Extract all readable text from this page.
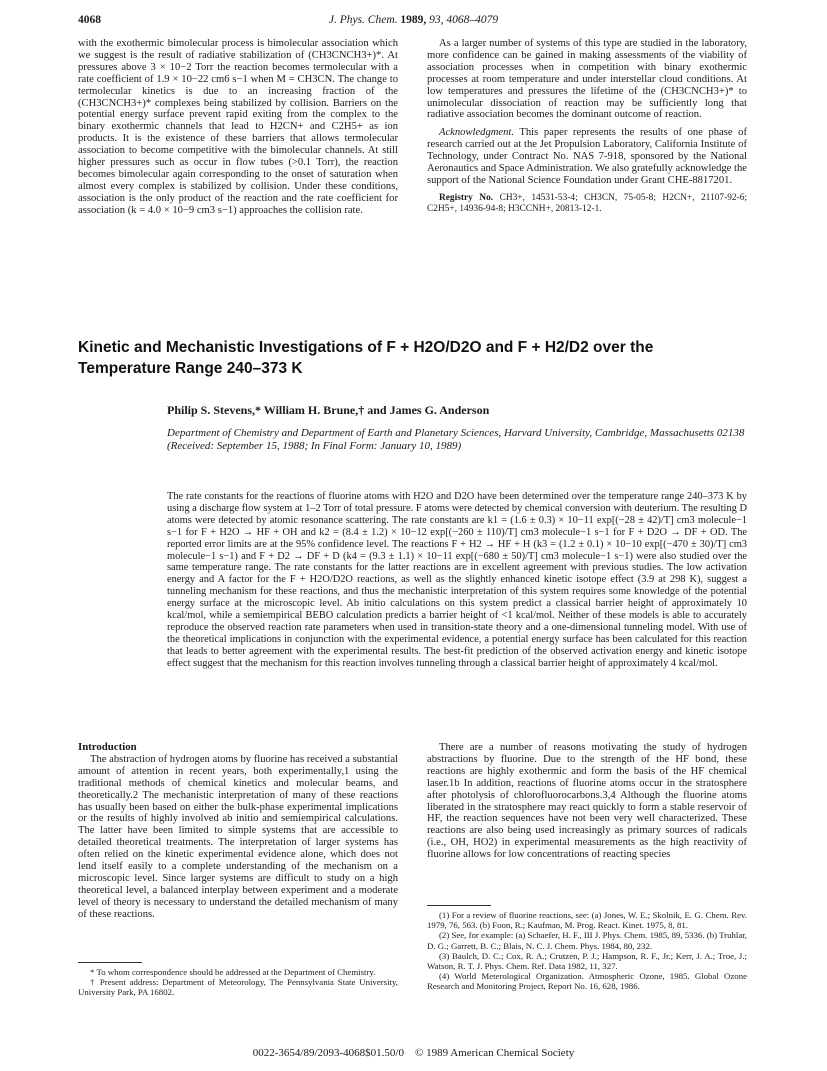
4068	J. Phys. Chem. 1989, 93, 4068–4079

with the exothermic bimolecular process is bimolecular association which we suggest is the result of radiative stabilization of (CH3CNCH3+)*. At pressures above 3 × 10−2 Torr the reaction becomes termolecular with a rate coefficient of 1.9 × 10−22 cm6 s−1 when M = CH3CN. The change to termolecular kinetics is due to an increasing fraction of the (CH3CNCH3+)* complexes being stabilized by collision. Barriers on the potential energy surface prevent rapid exiting from the complex to the binary exothermic channels that lead to H2CN+ and C2H5+ as ion products. It is the existence of these barriers that allows termolecular association to become competitive with the bimolecular channels. At still higher pressures such as occur in flow tubes (>0.1 Torr), the reaction becomes bimolecular again corresponding to the onset of saturation when almost every complex is stabilized by collision. Under these conditions, association is the only product of the reaction and the rate coefficient for association (k = 4.0 × 10−9 cm3 s−1) approaches the collision rate.

As a larger number of systems of this type are studied in the laboratory, more confidence can be gained in making assessments of the viability of association processes when in competition with binary exothermic processes at room temperature and under interstellar cloud conditions. At low temperatures and pressures the lifetime of the (CH3CNCH3+)* to unimolecular dissociation of reaction may be sufficiently long that radiative association becomes the dominant outcome of reaction.

Acknowledgment. This paper represents the results of one phase of research carried out at the Jet Propulsion Laboratory, California Institute of Technology, under Contract No. NAS 7-918, sponsored by the National Aeronautics and Space Administration. We also gratefully acknowledge the support of the National Science Foundation under Grant CHE-8817201.

Registry No. CH3+, 14531-53-4; CH3CN, 75-05-8; H2CN+, 21107-92-6; C2H5+, 14936-94-8; H3CCNH+, 20813-12-1.

Kinetic and Mechanistic Investigations of F + H2O/D2O and F + H2/D2 over the Temperature Range 240–373 K
Philip S. Stevens,* William H. Brune,† and James G. Anderson
Department of Chemistry and Department of Earth and Planetary Sciences, Harvard University, Cambridge, Massachusetts 02138 (Received: September 15, 1988; In Final Form: January 10, 1989)
The rate constants for the reactions of fluorine atoms with H2O and D2O have been determined over the temperature range 240–373 K by using a discharge flow system at 1–2 Torr of total pressure. F atoms were detected by chemical conversion with deuterium. The resulting D atoms were detected by atomic resonance scattering. The rate constants are k1 = (1.6 ± 0.3) × 10−11 exp[(−28 ± 42)/T] cm3 molecule−1 s−1 for F + H2O → HF + OH and k2 = (8.4 ± 1.2) × 10−12 exp[(−260 ± 110)/T] cm3 molecule−1 s−1 for F + D2O → DF + OD. The reported error limits are at the 95% confidence level. The reactions F + H2 → HF + H (k3 = (1.2 ± 0.1) × 10−10 exp[(−470 ± 30)/T] cm3 molecule−1 s−1) and F + D2 → DF + D (k4 = (9.3 ± 1.1) × 10−11 exp[(−680 ± 50)/T] cm3 molecule−1 s−1) were also studied over the same temperature range. The rate constants for the latter reactions are in excellent agreement with previous studies. The low activation energy and A factor for the F + H2O/D2O reactions, as well as the slightly enhanced kinetic isotope effect (3.9 at 298 K), suggest a tunneling mechanism for these reactions, and thus the mechanistic interpretation of this system requires some knowledge of the potential energy surface at the microscopic level. Ab initio calculations on this system predict a classical barrier height of approximately 10 kcal/mol, while a semiempirical BEBO calculation predicts a barrier height of <1 kcal/mol. Neither of these models is able to accurately reproduce the observed reaction rate parameters when used in transition-state theory and a one-dimensional tunneling model. With use of the theoretical implications in conjunction with the experimental evidence, a potential energy surface has been calculated for this reaction that leads to better agreement with the experimental results. The best-fit prediction of the observed activation energy and kinetic isotope effect suggest that the mechanism for this reaction involves tunneling through a classical barrier height of approximately 4 kcal/mol.
Introduction

The abstraction of hydrogen atoms by fluorine has received a substantial amount of attention in recent years, both experimentally,1 using the traditional methods of chemical kinetics and molecular beams, and theoretically.2 The mechanistic interpretation of many of these reactions has usually been based on either the bulk-phase experimental implications or the results of highly involved ab initio and semiempirical calculations. The latter have been limited to simple systems that are accessible to detailed theoretical treatments. The interpretation of larger systems has often relied on the kinetic experimental evidence alone, which does not lend itself easily to a complete understanding of the mechanism on a microscopic level. Since larger systems are difficult to study on a high theoretical level, a balanced interplay between experiment and a moderate level of theory is necessary to understand the detailed mechanism of many of these reactions.

* To whom correspondence should be addressed at the Department of Chemistry.

† Present address: Department of Meteorology, The Pennsylvania State University, University Park, PA 16802.

There are a number of reasons motivating the study of hydrogen abstractions by fluorine. Due to the strength of the HF bond, these reactions are highly exothermic and form the basis of the HF chemical laser.1b In addition, reactions of fluorine atoms occur in the stratosphere after photolysis of chlorofluorocarbons.3,4 Although the fluorine atoms liberated in the stratosphere may react quickly to form a stable reservoir of HF, the reaction sequences have not been very well characterized. These reactions are also being used increasingly as primary sources of radicals (i.e., OH, HO2) in experimental measurements as the high reactivity of fluorine allows for low concentrations of reacting species

(1) For a review of fluorine reactions, see: (a) Jones, W. E.; Skolnik, E. G. Chem. Rev. 1979, 76, 563. (b) Foon, R.; Kaufman, M. Prog. React. Kinet. 1975, 8, 81.

(2) See, for example: (a) Schaefer, H. F., III J. Phys. Chem. 1985, 89, 5336. (b) Truhlar, D. G.; Garrett, B. C.; Blais, N. C. J. Chem. Phys. 1984, 80, 232.

(3) Baulch, D. C.; Cox, R. A.; Crutzen, P. J.; Hampson, R. F., Jr.; Kerr, J. A.; Troe, J.; Watson, R. T. J. Phys. Chem. Ref. Data 1982, 11, 327.

(4) World Meterological Organization. Atmospheric Ozone, 1985. Global Ozone Research and Monitoring Project, Report No. 16, 628, 1986.

0022-3654/89/2093-4068$01.50/0 © 1989 American Chemical Society
